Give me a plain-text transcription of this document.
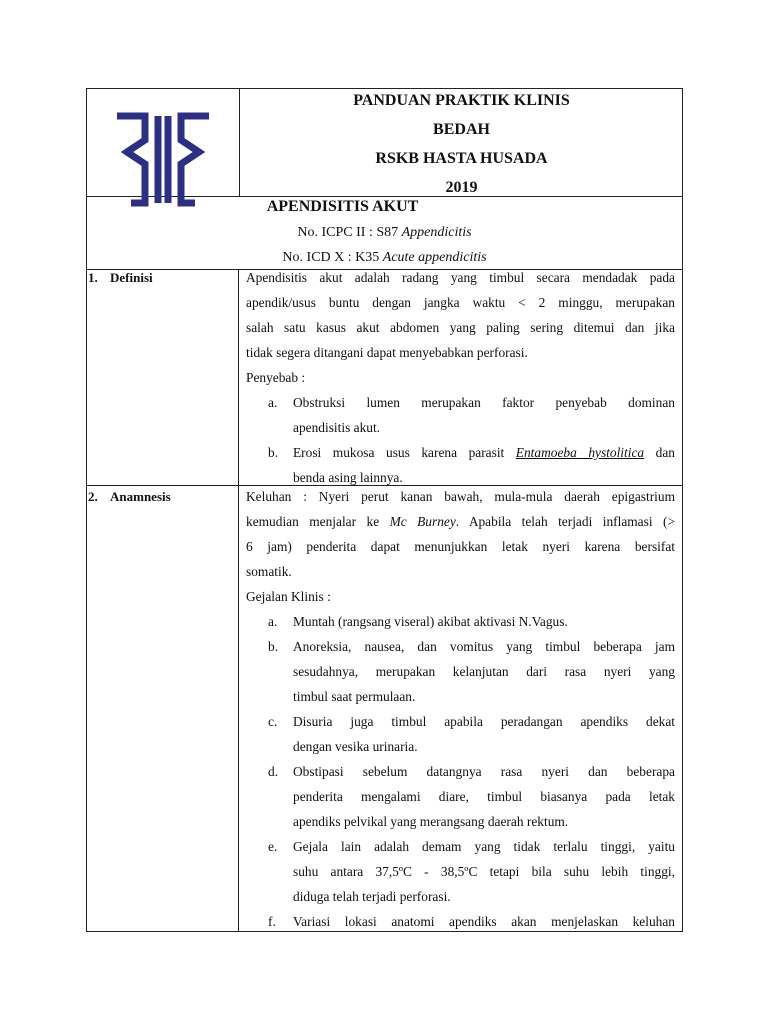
PANDUAN PRAKTIK KLINIS
BEDAH
RSKB HASTA HUSADA
2019
APENDISITIS AKUT
No. ICPC II : S87 Appendicitis
No. ICD X : K35 Acute appendicitis
1. Definisi	Apendisitis akut adalah radang yang timbul secara mendadak pada

apendik/usus buntu dengan jangka waktu < 2 minggu, merupakan

salah satu kasus akut abdomen yang paling sering ditemui dan jika

tidak segera ditangani dapat menyebabkan perforasi.

Penyebab :

a. Obstruksi lumen merupakan faktor penyebab dominan

apendisitis akut.

b. Erosi mukosa usus karena parasit Entamoeba hystolitica dan

benda asing lainnya.

2. Anamnesis	Keluhan : Nyeri perut kanan bawah, mula-mula daerah epigastrium

kemudian menjalar ke Mc Burney. Apabila telah terjadi inflamasi (>

6 jam) penderita dapat menunjukkan letak nyeri karena bersifat

somatik.

Gejalan Klinis :

a. Muntah (rangsang viseral) akibat aktivasi N.Vagus.

b. Anoreksia, nausea, dan vomitus yang timbul beberapa jam

sesudahnya, merupakan kelanjutan dari rasa nyeri yang

timbul saat permulaan.

c. Disuria juga timbul apabila peradangan apendiks dekat

dengan vesika urinaria.

d. Obstipasi sebelum datangnya rasa nyeri dan beberapa

penderita mengalami diare, timbul biasanya pada letak

apendiks pelvikal yang merangsang daerah rektum.

e. Gejala lain adalah demam yang tidak terlalu tinggi, yaitu

suhu antara 37,5ºC - 38,5ºC tetapi bila suhu lebih tinggi,

diduga telah terjadi perforasi.

f. Variasi lokasi anatomi apendiks akan menjelaskan keluhan
